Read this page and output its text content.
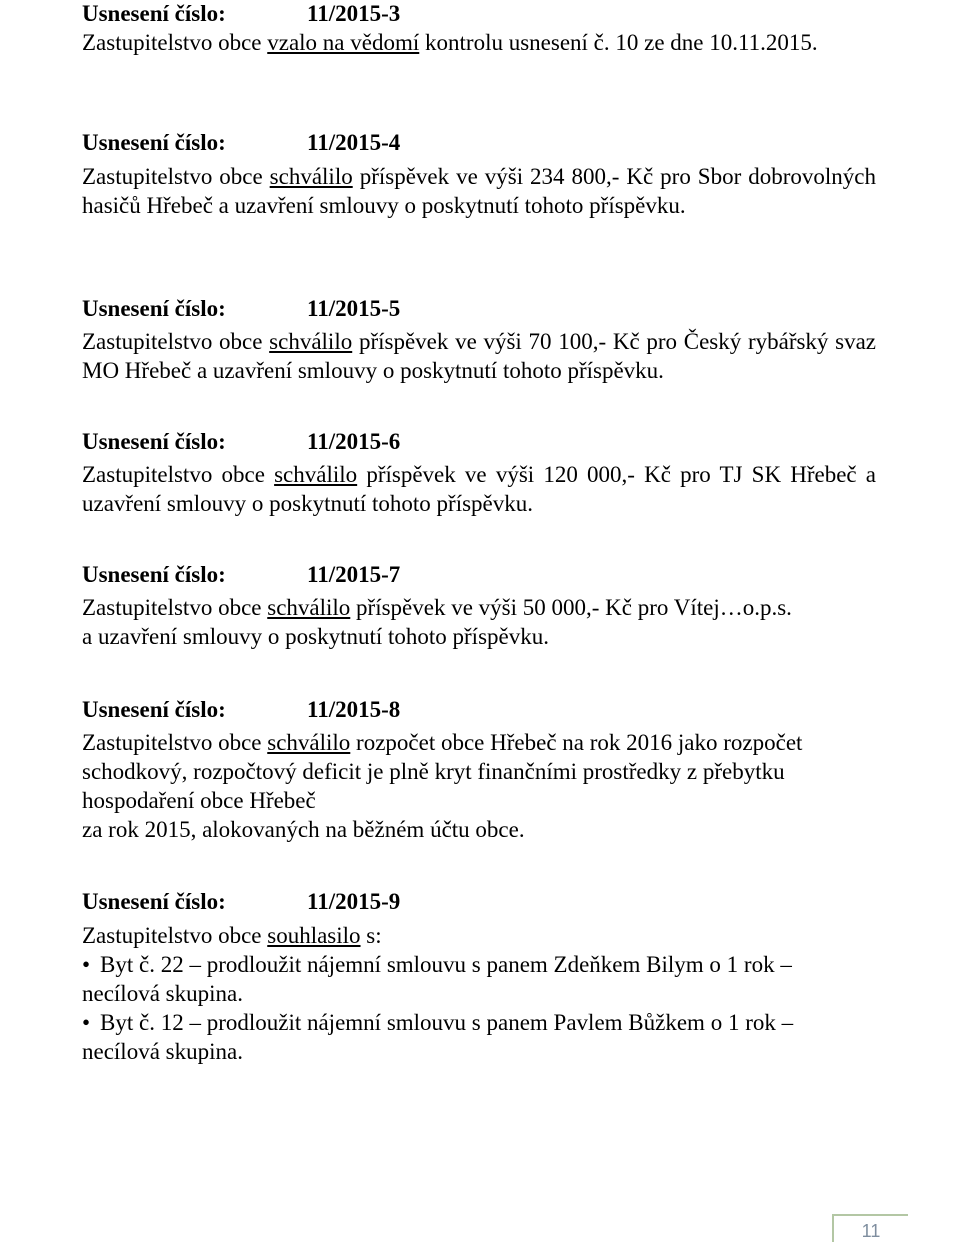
Usnesení číslo:	11/2015-3

Zastupitelstvo obce vzalo na vědomí kontrolu usnesení č. 10 ze dne 10.11.2015.

Usnesení číslo:	11/2015-4

Zastupitelstvo obce schválilo příspěvek ve výši 234 800,- Kč pro Sbor dobrovolných hasičů Hřebeč a uzavření smlouvy o poskytnutí tohoto příspěvku.

Usnesení číslo:	11/2015-5

Zastupitelstvo obce schválilo příspěvek ve výši 70 100,- Kč pro Český rybářský svaz MO Hřebeč a uzavření smlouvy o poskytnutí tohoto příspěvku.

Usnesení číslo:	11/2015-6

Zastupitelstvo obce schválilo příspěvek ve výši 120 000,- Kč pro TJ SK Hřebeč a uzavření smlouvy o poskytnutí tohoto příspěvku.

Usnesení číslo:	11/2015-7

Zastupitelstvo obce schválilo příspěvek ve výši 50 000,- Kč pro Vítej…o.p.s.
a uzavření smlouvy o poskytnutí tohoto příspěvku.

Usnesení číslo:	11/2015-8

Zastupitelstvo obce schválilo rozpočet obce Hřebeč na rok 2016 jako rozpočet
schodkový, rozpočtový deficit je plně kryt finančními prostředky z přebytku
hospodaření obce Hřebeč
za rok 2015, alokovaných na běžném účtu obce.

Usnesení číslo:	11/2015-9

Zastupitelstvo obce souhlasilo s:
• Byt č. 22 – prodloužit nájemní smlouvu s panem Zdeňkem Bilym o 1 rok –
necílová skupina.
• Byt č. 12 – prodloužit nájemní smlouvu s panem Pavlem Bůžkem o 1 rok –
necílová skupina.

11
